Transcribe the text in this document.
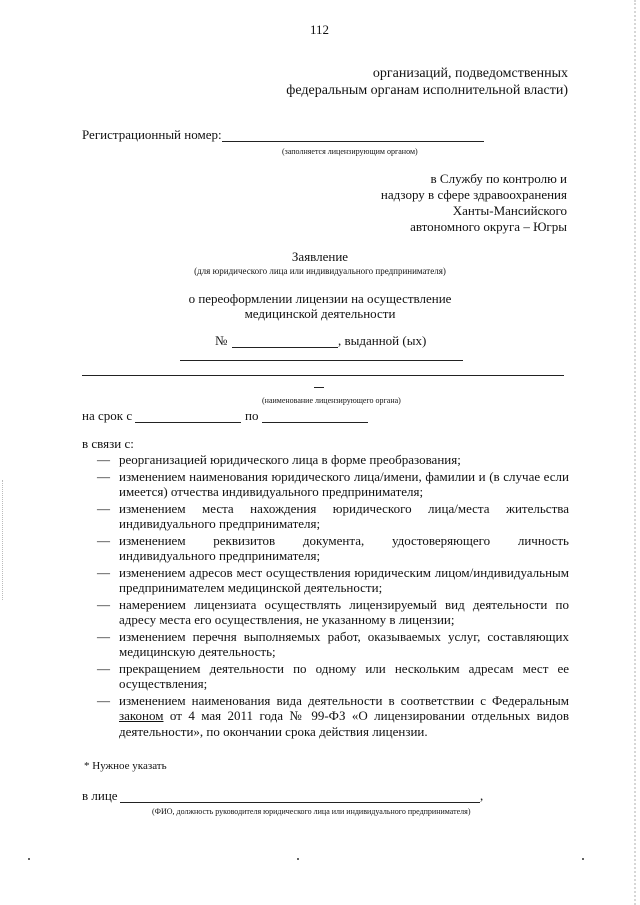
112
организаций, подведомственных
федеральным органам исполнительной власти)
Регистрационный номер:
(заполняется лицензирующим органом)
в Службу по контролю и
надзору в сфере здравоохранения
Ханты-Мансийского
автономного округа – Югры
Заявление
(для юридического лица или индивидуального предпринимателя)
о переоформлении лицензии на осуществление
медицинской деятельности
№	, выданной (ых)
(наименование лицензирующего органа)
на срок с	по
в связи с:
— реорганизацией юридического лица в форме преобразования;
— изменением наименования юридического лица/имени, фамилии и (в случае если имеется) отчества индивидуального предпринимателя;
— изменением места нахождения юридического лица/места жительства индивидуального предпринимателя;
— изменением реквизитов документа, удостоверяющего личность индивидуального предпринимателя;
— изменением адресов мест осуществления юридическим лицом/индивидуальным предпринимателем медицинской деятельности;
— намерением лицензиата осуществлять лицензируемый вид деятельности по адресу места его осуществления, не указанному в лицензии;
— изменением перечня выполняемых работ, оказываемых услуг, составляющих медицинскую деятельность;
— прекращением деятельности по одному или нескольким адресам мест ее осуществления;
— изменением наименования вида деятельности в соответствии с Федеральным законом от 4 мая 2011 года № 99-ФЗ «О лицензировании отдельных видов деятельности», по окончании срока действия лицензии.
* Нужное указать
в лице	,
(ФИО, должность руководителя юридического лица или индивидуального предпринимателя)
